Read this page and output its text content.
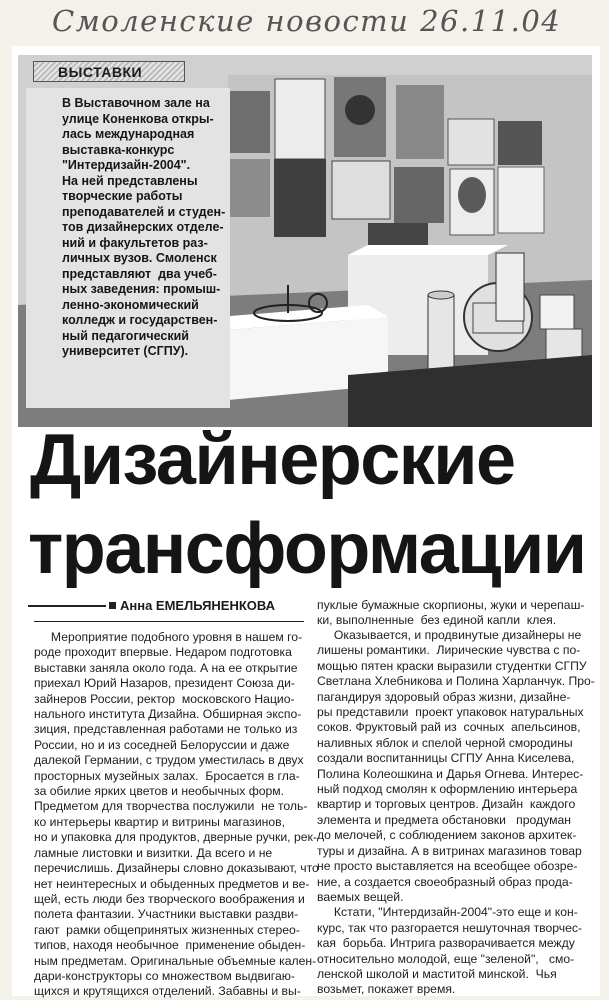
Смоленские новости 26.11.04
ВЫСТАВКИ
В Выставочном зале на
улице Коненкова откры-
лась международная
выставка-конкурс
"Интердизайн-2004".
На ней представлены
творческие работы
преподавателей и студен-
тов дизайнерских отделе-
ний и факультетов раз-
личных вузов. Смоленск
представляют  два учеб-
ных заведения: промыш-
ленно-экономический
колледж и государствен-
ный педагогический
университет (СГПУ).
Дизайнерские
трансформации
Анна ЕМЕЛЬЯНЕНКОВА
Мероприятие подобного уровня в нашем го-
роде проходит впервые. Недаром подготовка
выставки заняла около года. А на ее открытие
приехал Юрий Назаров, президент Союза ди-
зайнеров России, ректор  московского Нацио-
нального института Дизайна. Обширная экспо-
зиция, представленная работами не только из
России, но и из соседней Белоруссии и даже
далекой Германии, с трудом уместилась в двух
просторных музейных залах.  Бросается в гла-
за обилие ярких цветов и необычных форм.
Предметом для творчества послужили  не толь-
ко интерьеры квартир и витрины магазинов,
но и упаковка для продуктов, дверные ручки, рек-
ламные листовки и визитки. Да всего и не
перечислишь. Дизайнеры словно доказывают, что
нет неинтересных и обыденных предметов и ве-
щей, есть люди без творческого воображения и
полета фантазии. Участники выставки раздви-
гают  рамки общепринятых жизненных стерео-
типов, находя необычное  применение обыден-
ным предметам. Оригинальные объемные кален-
дари-конструкторы со множеством выдвигаю-
щихся и крутящихся отделений. Забавны и вы-
пуклые бумажные скорпионы, жуки и черепаш-
ки, выполненные  без единой капли  клея.
Оказывается, и продвинутые дизайнеры не
лишены романтики.  Лирические чувства с по-
мощью пятен краски выразили студентки СГПУ
Светлана Хлебникова и Полина Харланчук. Про-
пагандируя здоровый образ жизни, дизайне-
ры представили  проект упаковок натуральных
соков. Фруктовый рай из  сочных  апельсинов,
наливных яблок и спелой черной смородины
создали воспитанницы СГПУ Анна Киселева,
Полина Колеошкина и Дарья Огнева. Интерес-
ный подход смолян к оформлению интерьера
квартир и торговых центров. Дизайн  каждого
элемента и предмета обстановки   продуман
до мелочей, с соблюдением законов архитек-
туры и дизайна. А в витринах магазинов товар
не просто выставляется на всеобщее обозре-
ние, а создается своеобразный образ прода-
ваемых вещей.
Кстати, "Интердизайн-2004"-это еще и кон-
курс, так что разгорается нешуточная творчес-
кая  борьба. Интрига разворачивается между
относительно молодой, еще "зеленой",   смо-
ленской школой и маститой минской.  Чья
возьмет, покажет время.
